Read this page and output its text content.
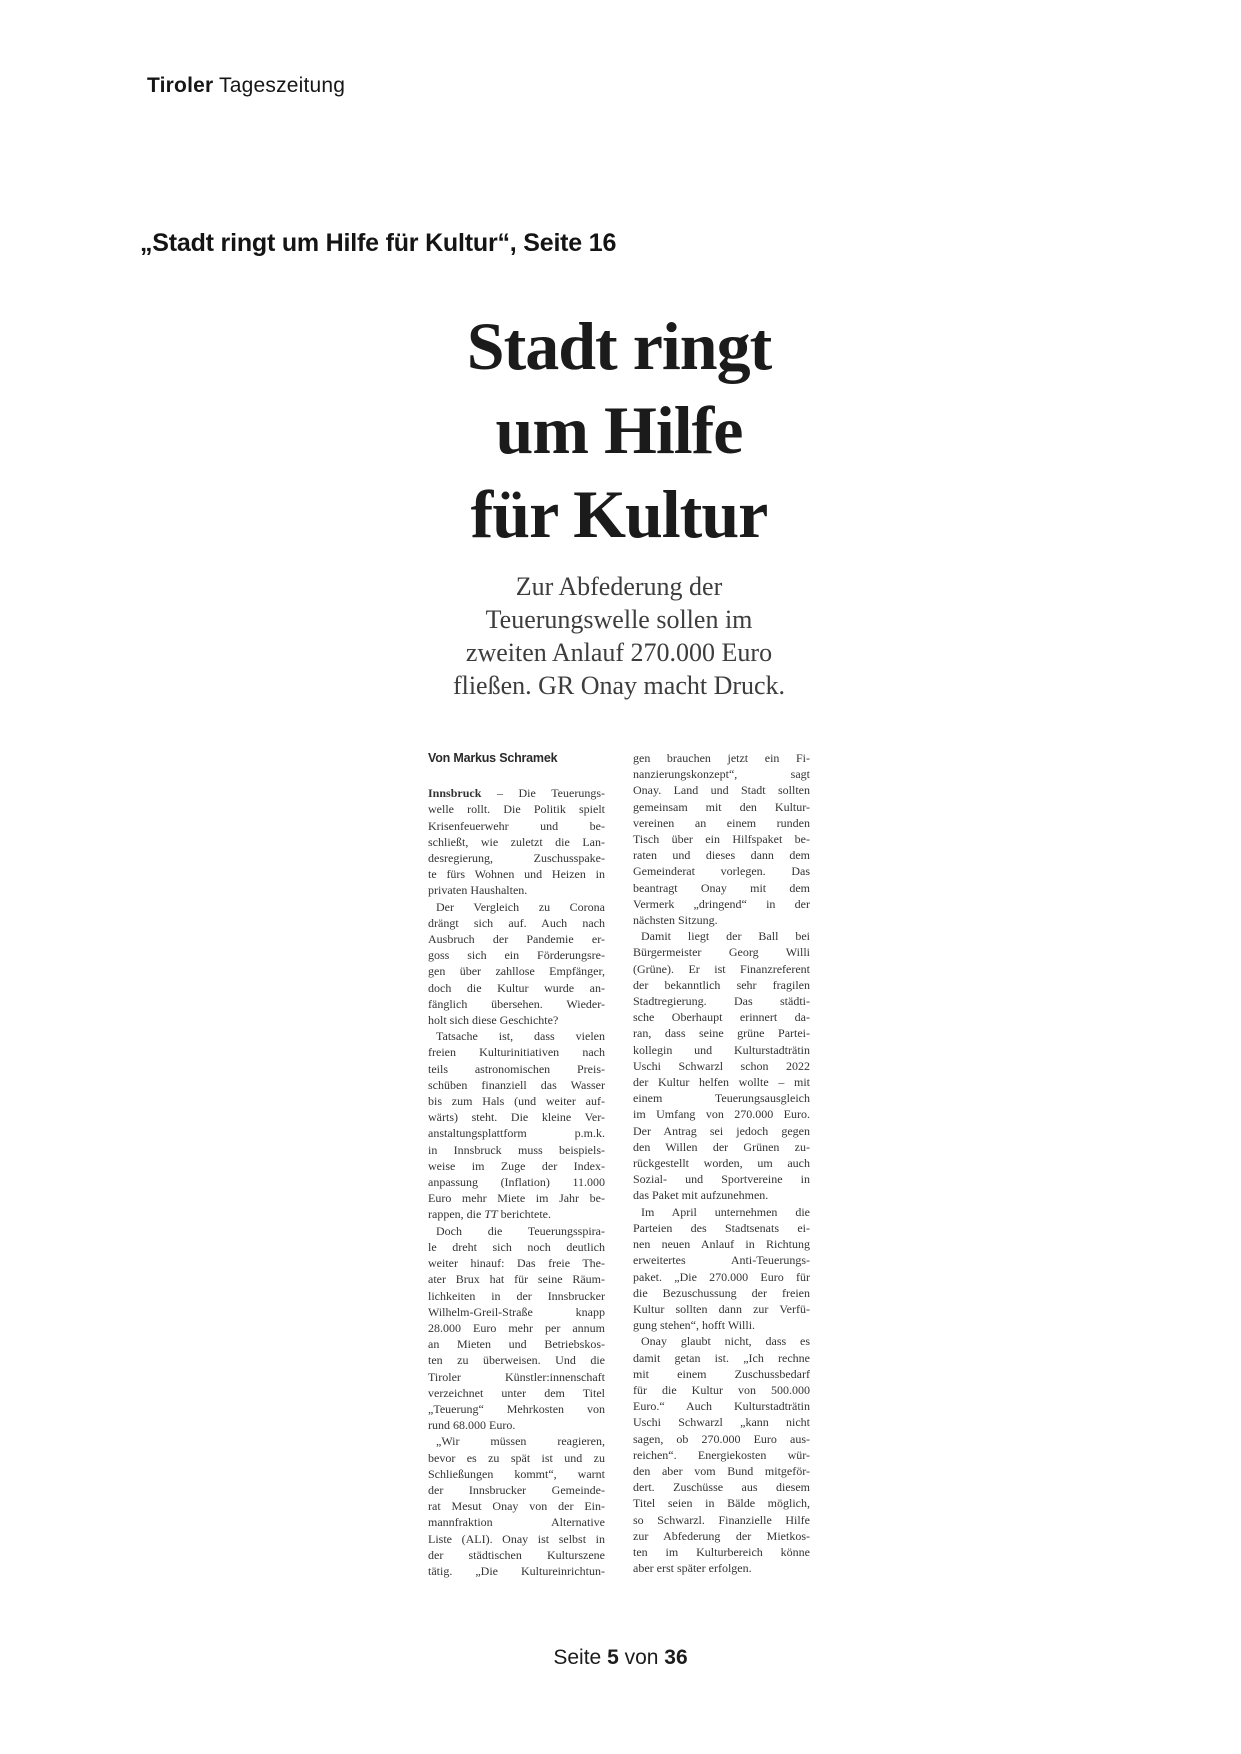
Tiroler Tageszeitung
„Stadt ringt um Hilfe für Kultur“, Seite 16
Stadt ringt
um Hilfe
für Kultur
Zur Abfederung der
Teuerungswelle sollen im
zweiten Anlauf 270.000 Euro
fließen. GR Onay macht Druck.
Von Markus Schramek
Innsbruck – Die Teuerungs-
welle rollt. Die Politik spielt
Krisenfeuerwehr und be-
schließt, wie zuletzt die Lan-
desregierung, Zuschusspake-
te fürs Wohnen und Heizen in
privaten Haushalten.
Der Vergleich zu Corona
drängt sich auf. Auch nach
Ausbruch der Pandemie er-
goss sich ein Förderungsre-
gen über zahllose Empfänger,
doch die Kultur wurde an-
fänglich übersehen. Wieder-
holt sich diese Geschichte?
Tatsache ist, dass vielen
freien Kulturinitiativen nach
teils astronomischen Preis-
schüben finanziell das Wasser
bis zum Hals (und weiter auf-
wärts) steht. Die kleine Ver-
anstaltungsplattform p.m.k.
in Innsbruck muss beispiels-
weise im Zuge der Index-
anpassung (Inflation) 11.000
Euro mehr Miete im Jahr be-
rappen, die TT berichtete.
Doch die Teuerungsspira-
le dreht sich noch deutlich
weiter hinauf: Das freie The-
ater Brux hat für seine Räum-
lichkeiten in der Innsbrucker
Wilhelm-Greil-Straße knapp
28.000 Euro mehr per annum
an Mieten und Betriebskos-
ten zu überweisen. Und die
Tiroler Künstler:innenschaft
verzeichnet unter dem Titel
„Teuerung“ Mehrkosten von
rund 68.000 Euro.
„Wir müssen reagieren,
bevor es zu spät ist und zu
Schließungen kommt“, warnt
der Innsbrucker Gemeinde-
rat Mesut Onay von der Ein-
mannfraktion Alternative
Liste (ALI). Onay ist selbst in
der städtischen Kulturszene
tätig. „Die Kultureinrichtun-
gen brauchen jetzt ein Fi-
nanzierungskonzept“, sagt
Onay. Land und Stadt sollten
gemeinsam mit den Kultur-
vereinen an einem runden
Tisch über ein Hilfspaket be-
raten und dieses dann dem
Gemeinderat vorlegen. Das
beantragt Onay mit dem
Vermerk „dringend“ in der
nächsten Sitzung.
Damit liegt der Ball bei
Bürgermeister Georg Willi
(Grüne). Er ist Finanzreferent
der bekanntlich sehr fragilen
Stadtregierung. Das städti-
sche Oberhaupt erinnert da-
ran, dass seine grüne Partei-
kollegin und Kulturstadträtin
Uschi Schwarzl schon 2022
der Kultur helfen wollte – mit
einem Teuerungsausgleich
im Umfang von 270.000 Euro.
Der Antrag sei jedoch gegen
den Willen der Grünen zu-
rückgestellt worden, um auch
Sozial- und Sportvereine in
das Paket mit aufzunehmen.
Im April unternehmen die
Parteien des Stadtsenats ei-
nen neuen Anlauf in Richtung
erweitertes Anti-Teuerungs-
paket. „Die 270.000 Euro für
die Bezuschussung der freien
Kultur sollten dann zur Verfü-
gung stehen“, hofft Willi.
Onay glaubt nicht, dass es
damit getan ist. „Ich rechne
mit einem Zuschussbedarf
für die Kultur von 500.000
Euro.“ Auch Kulturstadträtin
Uschi Schwarzl „kann nicht
sagen, ob 270.000 Euro aus-
reichen“. Energiekosten wür-
den aber vom Bund mitgeför-
dert. Zuschüsse aus diesem
Titel seien in Bälde möglich,
so Schwarzl. Finanzielle Hilfe
zur Abfederung der Mietkos-
ten im Kulturbereich könne
aber erst später erfolgen.
Seite 5 von 36
